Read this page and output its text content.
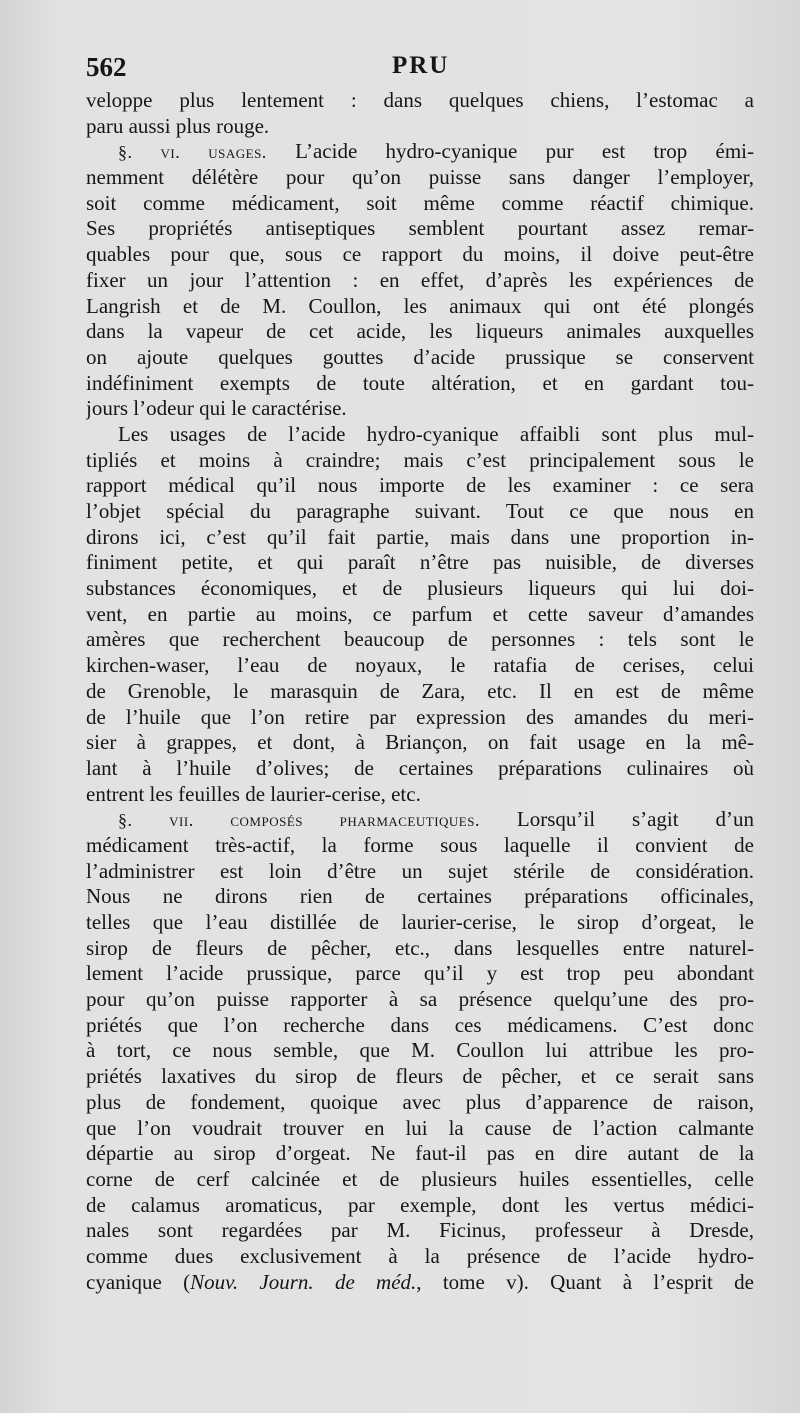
562	PRU
veloppe plus lentement : dans quelques chiens, l’estomac a
paru aussi plus rouge.
§. vi. usages. L’acide hydro-cyanique pur est trop émi-
nemment délétère pour qu’on puisse sans danger l’employer,
soit comme médicament, soit même comme réactif chimique.
Ses propriétés antiseptiques semblent pourtant assez remar-
quables pour que, sous ce rapport du moins, il doive peut-être
fixer un jour l’attention : en effet, d’après les expériences de
Langrish et de M. Coullon, les animaux qui ont été plongés
dans la vapeur de cet acide, les liqueurs animales auxquelles
on ajoute quelques gouttes d’acide prussique se conservent
indéfiniment exempts de toute altération, et en gardant tou-
jours l’odeur qui le caractérise.
Les usages de l’acide hydro-cyanique affaibli sont plus mul-
tipliés et moins à craindre; mais c’est principalement sous le
rapport médical qu’il nous importe de les examiner : ce sera
l’objet spécial du paragraphe suivant. Tout ce que nous en
dirons ici, c’est qu’il fait partie, mais dans une proportion in-
finiment petite, et qui paraît n’être pas nuisible, de diverses
substances économiques, et de plusieurs liqueurs qui lui doi-
vent, en partie au moins, ce parfum et cette saveur d’amandes
amères que recherchent beaucoup de personnes : tels sont le
kirchen-waser, l’eau de noyaux, le ratafia de cerises, celui
de Grenoble, le marasquin de Zara, etc. Il en est de même
de l’huile que l’on retire par expression des amandes du meri-
sier à grappes, et dont, à Briançon, on fait usage en la mê-
lant à l’huile d’olives; de certaines préparations culinaires où
entrent les feuilles de laurier-cerise, etc.
§. vii. composés pharmaceutiques. Lorsqu’il s’agit d’un
médicament très-actif, la forme sous laquelle il convient de
l’administrer est loin d’être un sujet stérile de considération.
Nous ne dirons rien de certaines préparations officinales,
telles que l’eau distillée de laurier-cerise, le sirop d’orgeat, le
sirop de fleurs de pêcher, etc., dans lesquelles entre naturel-
lement l’acide prussique, parce qu’il y est trop peu abondant
pour qu’on puisse rapporter à sa présence quelqu’une des pro-
priétés que l’on recherche dans ces médicamens. C’est donc
à tort, ce nous semble, que M. Coullon lui attribue les pro-
priétés laxatives du sirop de fleurs de pêcher, et ce serait sans
plus de fondement, quoique avec plus d’apparence de raison,
que l’on voudrait trouver en lui la cause de l’action calmante
départie au sirop d’orgeat. Ne faut-il pas en dire autant de la
corne de cerf calcinée et de plusieurs huiles essentielles, celle
de calamus aromaticus, par exemple, dont les vertus médici-
nales sont regardées par M. Ficinus, professeur à Dresde,
comme dues exclusivement à la présence de l’acide hydro-
cyanique (Nouv. Journ. de méd., tome v). Quant à l’esprit de
